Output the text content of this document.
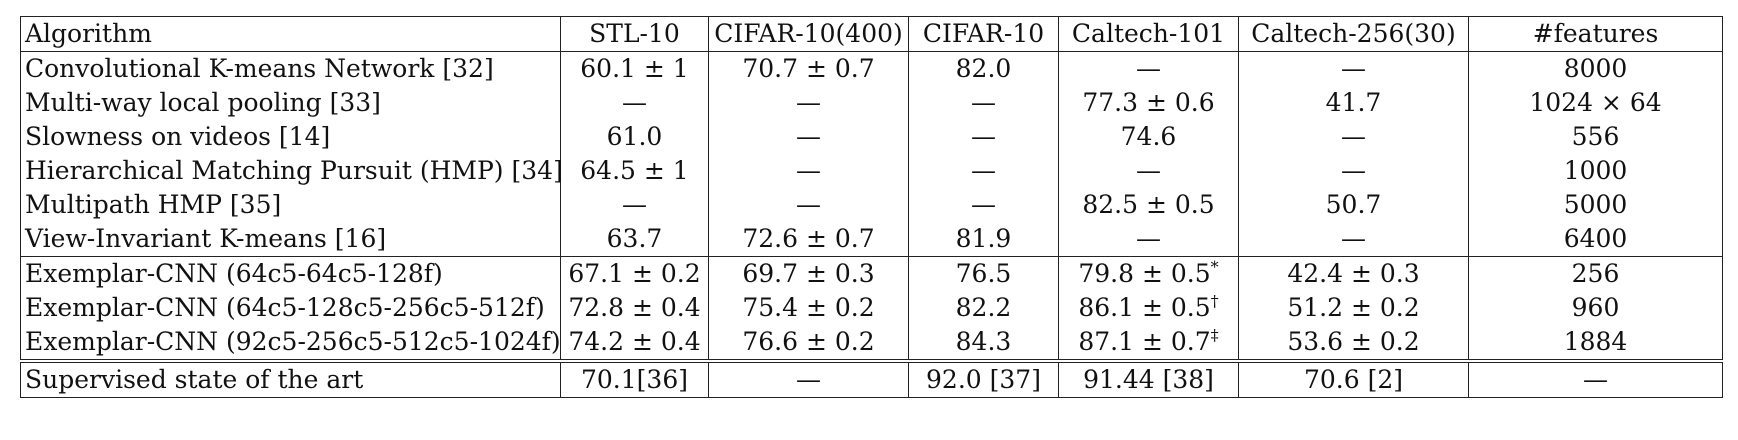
Algorithm	STL-10	CIFAR-10(400)	CIFAR-10	Caltech-101	Caltech-256(30)	#features
Convolutional K-means Network [32]	60.1 ± 1	70.7 ± 0.7	82.0	—	—	8000
Multi-way local pooling [33]	—	—	—	77.3 ± 0.6	41.7	1024 × 64
Slowness on videos [14]	61.0	—	—	74.6	—	556
Hierarchical Matching Pursuit (HMP) [34]	64.5 ± 1	—	—	—	—	1000
Multipath HMP [35]	—	—	—	82.5 ± 0.5	50.7	5000
View-Invariant K-means [16]	63.7	72.6 ± 0.7	81.9	—	—	6400
Exemplar-CNN (64c5-64c5-128f)	67.1 ± 0.2	69.7 ± 0.3	76.5	79.8 ± 0.5*	42.4 ± 0.3	256
Exemplar-CNN (64c5-128c5-256c5-512f)	72.8 ± 0.4	75.4 ± 0.2	82.2	86.1 ± 0.5†	51.2 ± 0.2	960
Exemplar-CNN (92c5-256c5-512c5-1024f)	74.2 ± 0.4	76.6 ± 0.2	84.3	87.1 ± 0.7‡	53.6 ± 0.2	1884
Supervised state of the art	70.1[36]	—	92.0 [37]	91.44 [38]	70.6 [2]	—
